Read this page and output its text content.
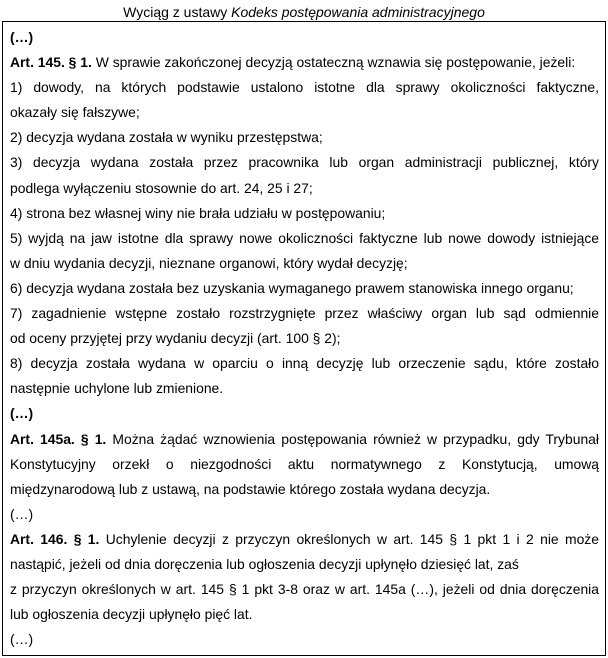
Wyciąg z ustawy Kodeks postępowania administracyjnego
(…)
Art. 145. § 1. W sprawie zakończonej decyzją ostateczną wznawia się postępowanie, jeżeli:
1) dowody, na których podstawie ustalono istotne dla sprawy okoliczności faktyczne,
okazały się fałszywe;
2) decyzja wydana została w wyniku przestępstwa;
3) decyzja wydana została przez pracownika lub organ administracji publicznej, który
podlega wyłączeniu stosownie do art. 24, 25 i 27;
4) strona bez własnej winy nie brała udziału w postępowaniu;
5) wyjdą na jaw istotne dla sprawy nowe okoliczności faktyczne lub nowe dowody istniejące
w dniu wydania decyzji, nieznane organowi, który wydał decyzję;
6) decyzja wydana została bez uzyskania wymaganego prawem stanowiska innego organu;
7) zagadnienie wstępne zostało rozstrzygnięte przez właściwy organ lub sąd odmiennie
od oceny przyjętej przy wydaniu decyzji (art. 100 § 2);
8) decyzja została wydana w oparciu o inną decyzję lub orzeczenie sądu, które zostało
następnie uchylone lub zmienione.
(…)
Art. 145a. § 1. Można żądać wznowienia postępowania również w przypadku, gdy Trybunał
Konstytucyjny orzekł o niezgodności aktu normatywnego z Konstytucją, umową
międzynarodową lub z ustawą, na podstawie którego została wydana decyzja.
(…)
Art. 146. § 1. Uchylenie decyzji z przyczyn określonych w art. 145 § 1 pkt 1 i 2 nie może
nastąpić, jeżeli od dnia doręczenia lub ogłoszenia decyzji upłynęło dziesięć lat, zaś
z przyczyn określonych w art. 145 § 1 pkt 3-8 oraz w art. 145a (…), jeżeli od dnia doręczenia
lub ogłoszenia decyzji upłynęło pięć lat.
(…)
